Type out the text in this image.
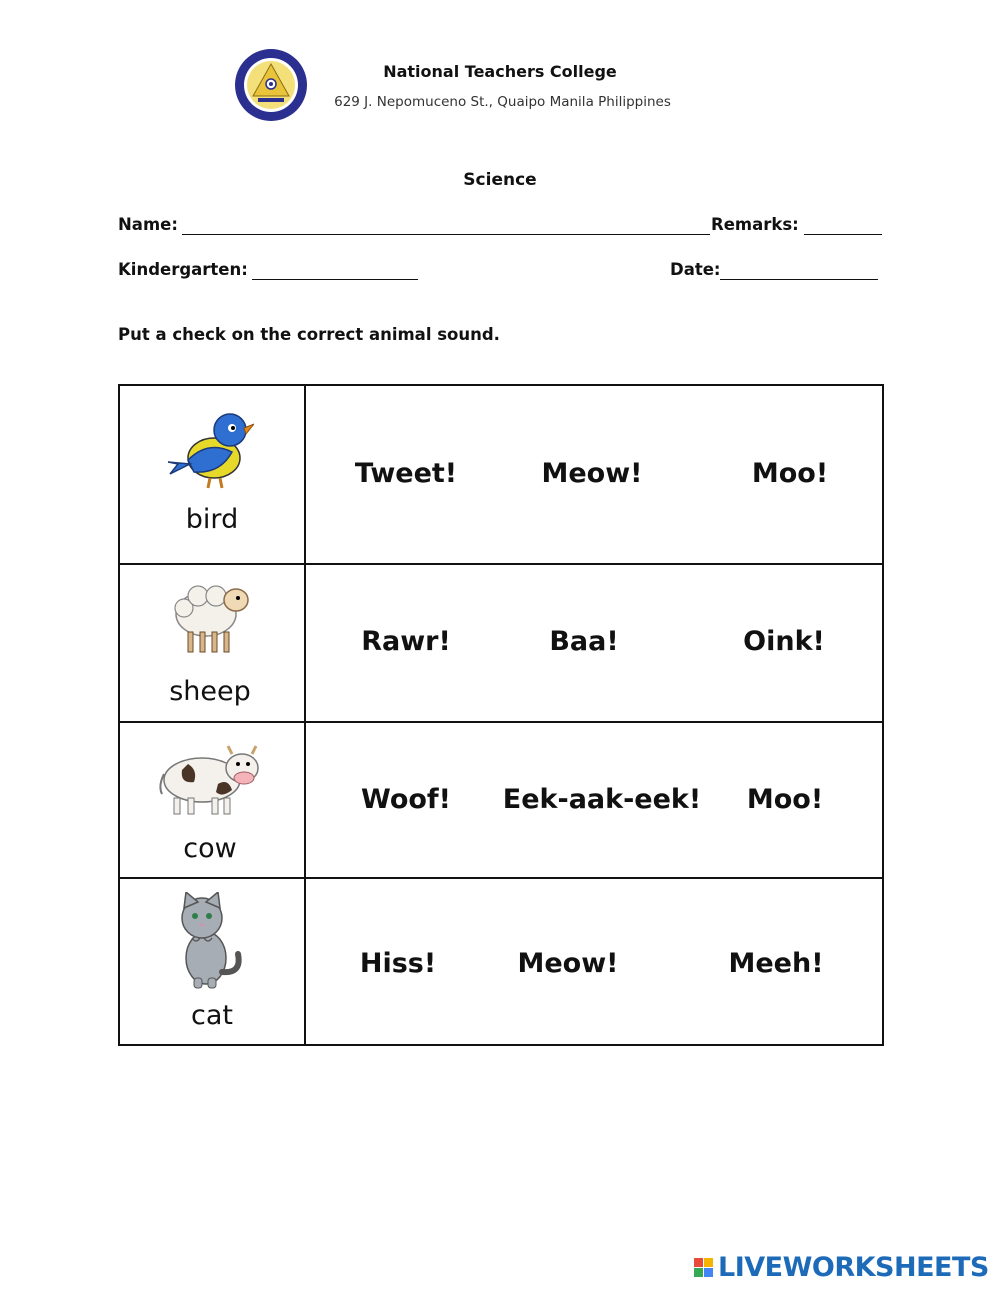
National Teachers College
629 J. Nepomuceno St., Quaipo Manila Philippines
Science
Name:	Remarks:
Kindergarten:	Date:
Put a check on the correct animal sound.
bird
Tweet!	Meow!	Moo!
sheep
Rawr!	Baa!	Oink!
cow
Woof!	Eek-aak-eek!	Moo!
cat
Hiss!	Meow!	Meeh!
LIVEWORKSHEETS
